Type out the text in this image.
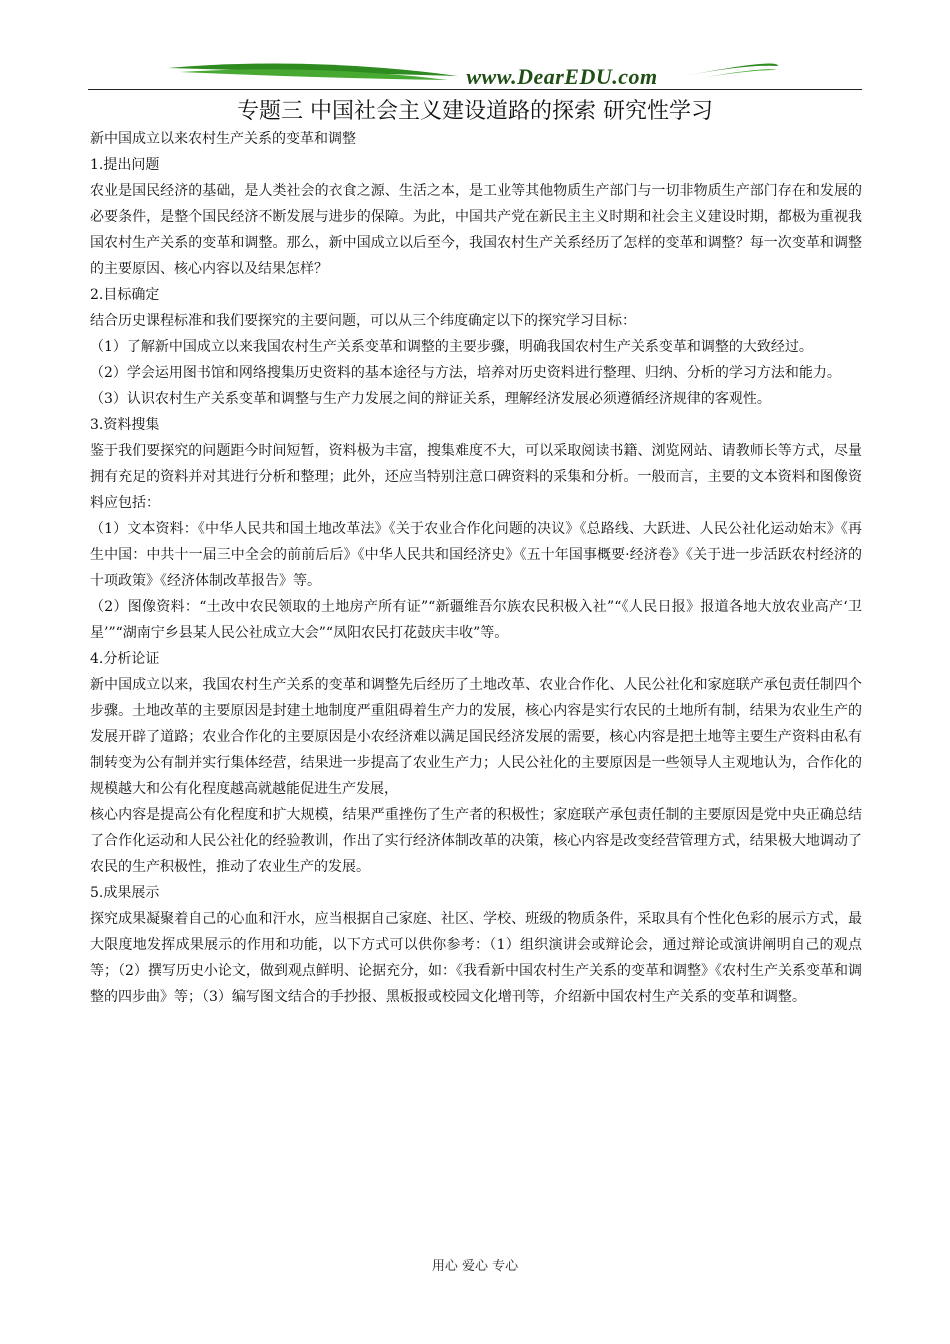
www.DearEDU.com
专题三 中国社会主义建设道路的探索 研究性学习

新中国成立以来农村生产关系的变革和调整

1.提出问题

农业是国民经济的基础，是人类社会的衣食之源、生活之本，是工业等其他物质生产部门与一切非物质生产部门存在和发展的必要条件，是整个国民经济不断发展与进步的保障。为此，中国共产党在新民主主义时期和社会主义建设时期，都极为重视我国农村生产关系的变革和调整。那么，新中国成立以后至今，我国农村生产关系经历了怎样的变革和调整？每一次变革和调整的主要原因、核心内容以及结果怎样？

2.目标确定

结合历史课程标准和我们要探究的主要问题，可以从三个纬度确定以下的探究学习目标：

（1）了解新中国成立以来我国农村生产关系变革和调整的主要步骤，明确我国农村生产关系变革和调整的大致经过。

（2）学会运用图书馆和网络搜集历史资料的基本途径与方法，培养对历史资料进行整理、归纳、分析的学习方法和能力。

（3）认识农村生产关系变革和调整与生产力发展之间的辩证关系，理解经济发展必须遵循经济规律的客观性。

3.资料搜集

鉴于我们要探究的问题距今时间短暂，资料极为丰富，搜集难度不大，可以采取阅读书籍、浏览网站、请教师长等方式，尽量拥有充足的资料并对其进行分析和整理；此外，还应当特别注意口碑资料的采集和分析。一般而言，主要的文本资料和图像资料应包括：

（1）文本资料：《中华人民共和国土地改革法》《关于农业合作化问题的决议》《总路线、大跃进、人民公社化运动始末》《再生中国：中共十一届三中全会的前前后后》《中华人民共和国经济史》《五十年国事概要·经济卷》《关于进一步活跃农村经济的十项政策》《经济体制改革报告》等。

（2）图像资料：“土改中农民领取的土地房产所有证”“新疆维吾尔族农民积极入社”“《人民日报》报道各地大放农业高产‘卫星’”“湖南宁乡县某人民公社成立大会”“凤阳农民打花鼓庆丰收”等。

4.分析论证

新中国成立以来，我国农村生产关系的变革和调整先后经历了土地改革、农业合作化、人民公社化和家庭联产承包责任制四个步骤。土地改革的主要原因是封建土地制度严重阻碍着生产力的发展，核心内容是实行农民的土地所有制，结果为农业生产的发展开辟了道路；农业合作化的主要原因是小农经济难以满足国民经济发展的需要，核心内容是把土地等主要生产资料由私有制转变为公有制并实行集体经营，结果进一步提高了农业生产力；人民公社化的主要原因是一些领导人主观地认为，合作化的规模越大和公有化程度越高就越能促进生产发展，

核心内容是提高公有化程度和扩大规模，结果严重挫伤了生产者的积极性；家庭联产承包责任制的主要原因是党中央正确总结了合作化运动和人民公社化的经验教训，作出了实行经济体制改革的决策，核心内容是改变经营管理方式，结果极大地调动了农民的生产积极性，推动了农业生产的发展。

5.成果展示

探究成果凝聚着自己的心血和汗水，应当根据自己家庭、社区、学校、班级的物质条件，采取具有个性化色彩的展示方式，最大限度地发挥成果展示的作用和功能，以下方式可以供你参考：（1）组织演讲会或辩论会，通过辩论或演讲阐明自己的观点等；（2）撰写历史小论文，做到观点鲜明、论据充分，如：《我看新中国农村生产关系的变革和调整》《农村生产关系变革和调整的四步曲》等；（3）编写图文结合的手抄报、黑板报或校园文化增刊等，介绍新中国农村生产关系的变革和调整。

用心 爱心 专心
